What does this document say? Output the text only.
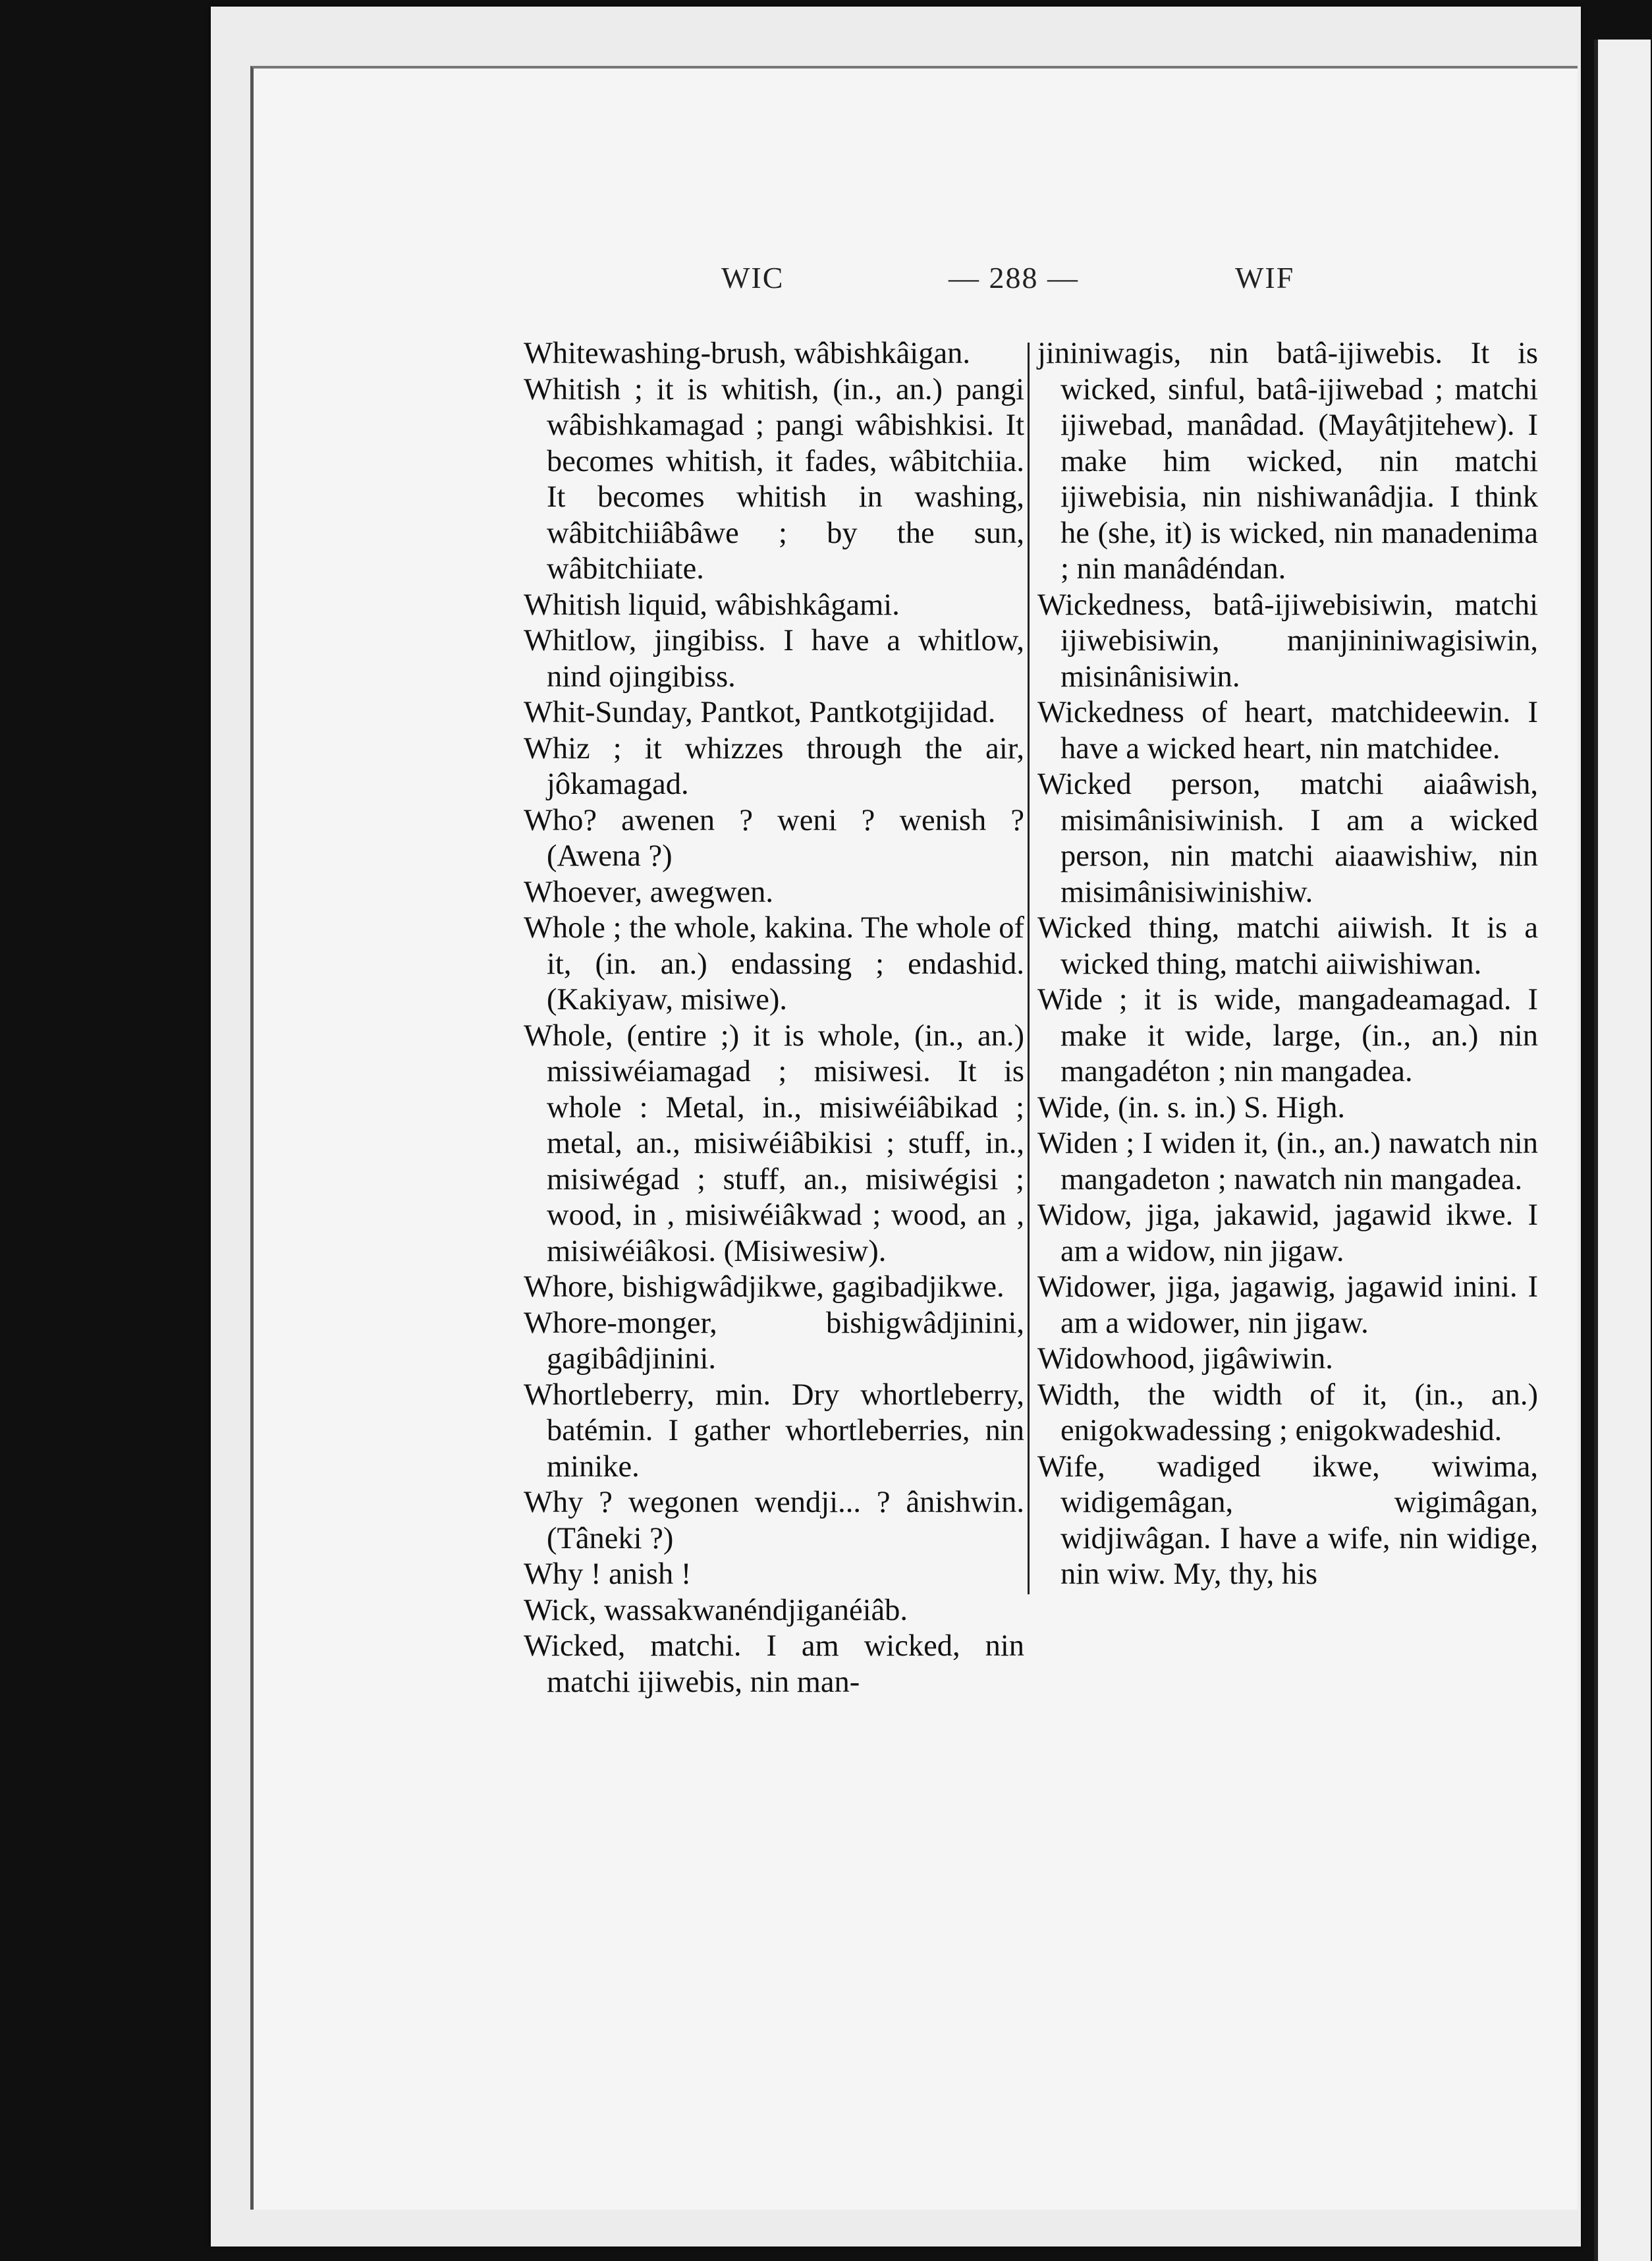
WIC	— 288 —	WIF
Whitewashing-brush, wâbishkâigan.
Whitish ; it is whitish, (in., an.) pangi wâbishkamagad ; pangi wâbishkisi. It becomes whitish, it fades, wâbitchiia. It becomes whitish in washing, wâbitchiiâbâwe ; by the sun, wâbitchiiate.
Whitish liquid, wâbishkâgami.
Whitlow, jingibiss. I have a whitlow, nind ojingibiss.
Whit-Sunday, Pantkot, Pantkotgijidad.
Whiz ; it whizzes through the air, jôkamagad.
Who? awenen ? weni ? wenish ? (Awena ?)
Whoever, awegwen.
Whole ; the whole, kakina. The whole of it, (in. an.) endassing ; endashid. (Kakiyaw, misiwe).
Whole, (entire ;) it is whole, (in., an.) missiwéiamagad ; misiwesi. It is whole : Metal, in., misiwéiâbikad ; metal, an., misiwéiâbikisi ; stuff, in., misiwégad ; stuff, an., misiwégisi ; wood, in , misiwéiâkwad ; wood, an , misiwéiâkosi. (Misiwesiw).
Whore, bishigwâdjikwe, gagibadjikwe.
Whore-monger, bishigwâdjinini, gagibâdjinini.
Whortleberry, min. Dry whortleberry, batémin. I gather whortleberries, nin minike.
Why ? wegonen wendji... ? ânishwin. (Tâneki ?)
Why ! anish !
Wick, wassakwanéndjiganéiâb.
Wicked, matchi. I am wicked, nin matchi ijiwebis, nin man-
jininiwagis, nin batâ-ijiwebis. It is wicked, sinful, batâ-ijiwebad ; matchi ijiwebad, manâdad. (Mayâtjitehew). I make him wicked, nin matchi ijiwebisia, nin nishiwanâdjia. I think he (she, it) is wicked, nin manadenima ; nin manâdéndan.
Wickedness, batâ-ijiwebisiwin, matchi ijiwebisiwin, manjininiwagisiwin, misinânisiwin.
Wickedness of heart, matchideewin. I have a wicked heart, nin matchidee.
Wicked person, matchi aiaâwish, misimânisiwinish. I am a wicked person, nin matchi aiaawishiw, nin misimânisiwinishiw.
Wicked thing, matchi aiiwish. It is a wicked thing, matchi aiiwishiwan.
Wide ; it is wide, mangadeamagad. I make it wide, large, (in., an.) nin mangadéton ; nin mangadea.
Wide, (in. s. in.) S. High.
Widen ; I widen it, (in., an.) nawatch nin mangadeton ; nawatch nin mangadea.
Widow, jiga, jakawid, jagawid ikwe. I am a widow, nin jigaw.
Widower, jiga, jagawig, jagawid inini. I am a widower, nin jigaw.
Widowhood, jigâwiwin.
Width, the width of it, (in., an.) enigokwadessing ; enigokwadeshid.
Wife, wadiged ikwe, wiwima, widigemâgan, wigimâgan, widjiwâgan. I have a wife, nin widige, nin wiw. My, thy, his
